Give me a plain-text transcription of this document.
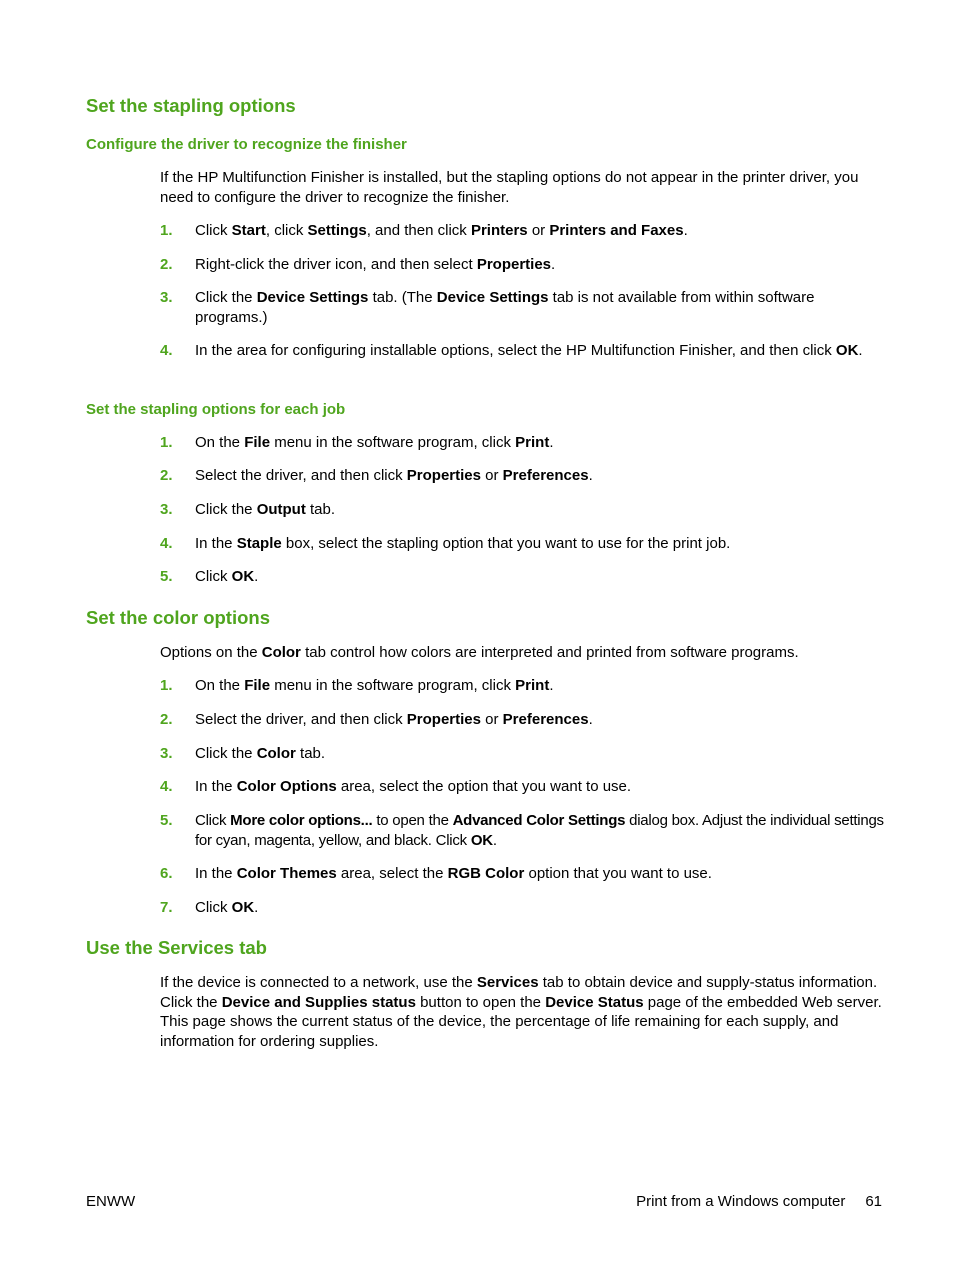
Set the stapling options
Configure the driver to recognize the finisher

If the HP Multifunction Finisher is installed, but the stapling options do not appear in the printer driver, you need to configure the driver to recognize the finisher.

1. Click Start, click Settings, and then click Printers or Printers and Faxes.
2. Right-click the driver icon, and then select Properties.
3. Click the Device Settings tab. (The Device Settings tab is not available from within software programs.)
4. In the area for configuring installable options, select the HP Multifunction Finisher, and then click OK.
Set the stapling options for each job
1. On the File menu in the software program, click Print.
2. Select the driver, and then click Properties or Preferences.
3. Click the Output tab.
4. In the Staple box, select the stapling option that you want to use for the print job.
5. Click OK.
Set the color options

Options on the Color tab control how colors are interpreted and printed from software programs.

1. On the File menu in the software program, click Print.
2. Select the driver, and then click Properties or Preferences.
3. Click the Color tab.
4. In the Color Options area, select the option that you want to use.
5. Click More color options... to open the Advanced Color Settings dialog box. Adjust the individual settings for cyan, magenta, yellow, and black. Click OK.
6. In the Color Themes area, select the RGB Color option that you want to use.
7. Click OK.
Use the Services tab

If the device is connected to a network, use the Services tab to obtain device and supply-status information. Click the Device and Supplies status button to open the Device Status page of the embedded Web server. This page shows the current status of the device, the percentage of life remaining for each supply, and information for ordering supplies.

ENWW	Print from a Windows computer 61
